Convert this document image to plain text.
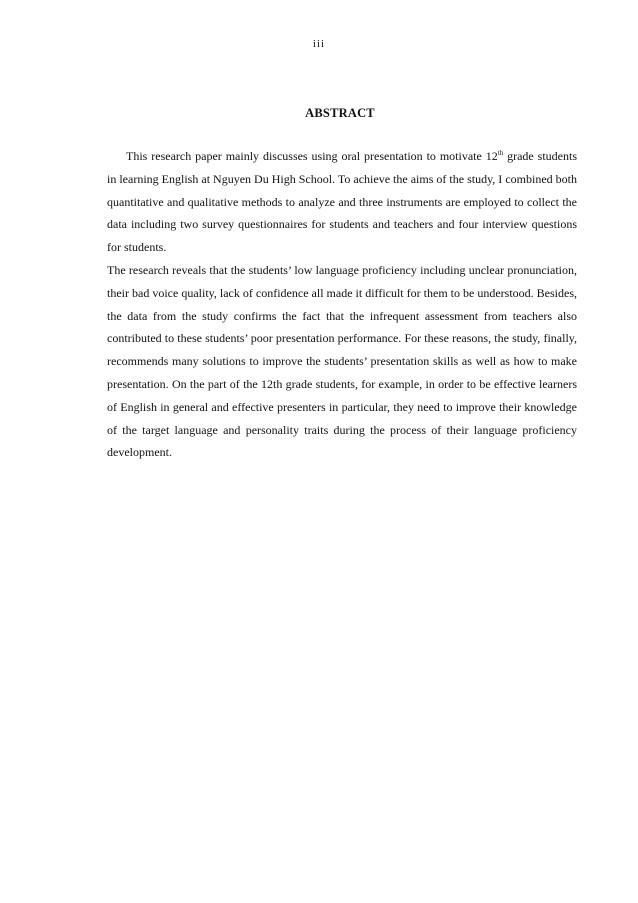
iii
ABSTRACT

This research paper mainly discusses using oral presentation to motivate 12th grade students in learning English at Nguyen Du High School. To achieve the aims of the study, I combined both quantitative and qualitative methods to analyze and three instruments are employed to collect the data including two survey questionnaires for students and teachers and four interview questions for students.

The research reveals that the students’ low language proficiency including unclear pronunciation, their bad voice quality, lack of confidence all made it difficult for them to be understood. Besides, the data from the study confirms the fact that the infrequent assessment from teachers also contributed to these students’ poor presentation performance. For these reasons, the study, finally, recommends many solutions to improve the students’ presentation skills as well as how to make presentation. On the part of the 12th grade students, for example, in order to be effective learners of English in general and effective presenters in particular, they need to improve their knowledge of the target language and personality traits during the process of their language proficiency development.
